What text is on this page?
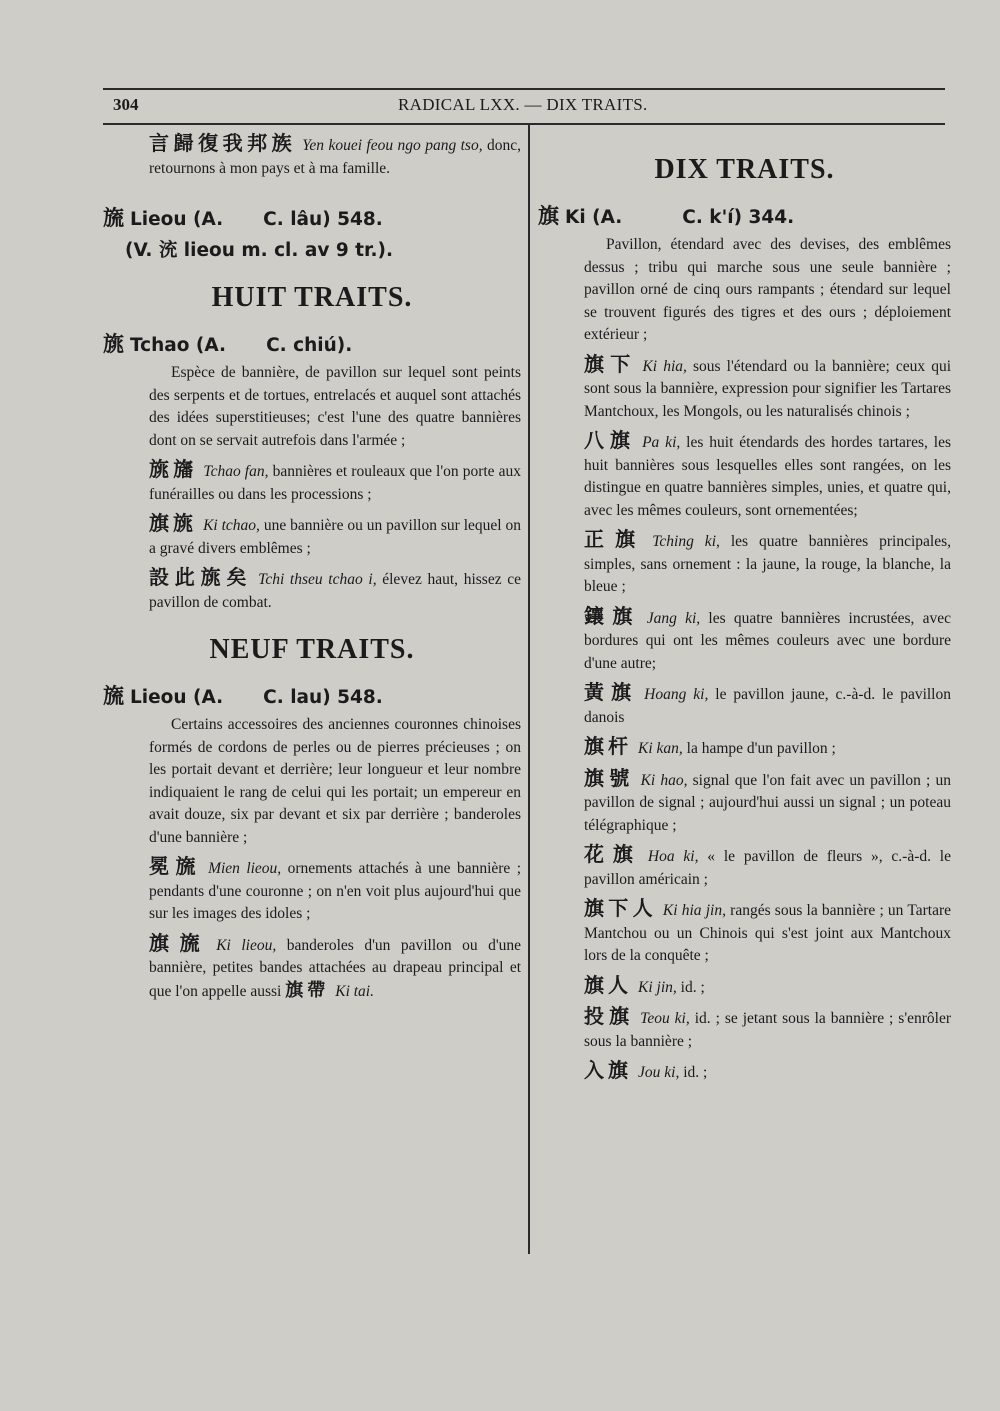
304	RADICAL LXX. — DIX TRAITS.

言歸復我邦族 Yen kouei feou ngo pang tso, donc, retournons à mon pays et à ma famille.

旒 Lieou (A. C. lâu) 548.
(V. 㳘 lieou m. cl. av 9 tr.).
HUIT TRAITS.
旐 Tchao (A. C. chiú).

Espèce de bannière, de pavillon sur lequel sont peints des serpents et de tortues, entrelacés et auquel sont attachés des idées superstitieuses; c'est l'une des quatre bannières dont on se servait autrefois dans l'armée ;

旐旛 Tchao fan, bannières et rouleaux que l'on porte aux funérailles ou dans les processions ;

旗旐 Ki tchao, une bannière ou un pavillon sur lequel on a gravé divers emblêmes ;

設此旐矣 Tchi thseu tchao i, élevez haut, hissez ce pavillon de combat.

NEUF TRAITS.
旒 Lieou (A. C. lau) 548.

Certains accessoires des anciennes couronnes chinoises formés de cordons de perles ou de pierres précieuses ; on les portait devant et derrière; leur longueur et leur nombre indiquaient le rang de celui qui les portait; un empereur en avait douze, six par devant et six par derrière ; banderoles d'une bannière ;

冕旒 Mien lieou, ornements attachés à une bannière ; pendants d'une couronne ; on n'en voit plus aujourd'hui que sur les images des idoles ;

旗旒 Ki lieou, banderoles d'un pavillon ou d'une bannière, petites bandes attachées au drapeau principal et que l'on appelle aussi 旗帶 Ki tai.

DIX TRAITS.
旗 Ki (A.	C. k'í) 344.

Pavillon, étendard avec des devises, des emblêmes dessus ; tribu qui marche sous une seule bannière ; pavillon orné de cinq ours rampants ; étendard sur lequel se trouvent figurés des tigres et des ours ; déploiement extérieur ;

旗下 Ki hia, sous l'étendard ou la bannière; ceux qui sont sous la bannière, expression pour signifier les Tartares Mantchoux, les Mongols, ou les naturalisés chinois ;

八旗 Pa ki, les huit étendards des hordes tartares, les huit bannières sous lesquelles elles sont rangées, on les distingue en quatre bannières simples, unies, et quatre qui, avec les mêmes couleurs, sont ornementées;

正旗 Tching ki, les quatre bannières principales, simples, sans ornement : la jaune, la rouge, la blanche, la bleue ;

鑲旗 Jang ki, les quatre bannières incrustées, avec bordures qui ont les mêmes couleurs avec une bordure d'une autre;

黃旗 Hoang ki, le pavillon jaune, c.-à-d. le pavillon danois

旗杆 Ki kan, la hampe d'un pavillon ;

旗號 Ki hao, signal que l'on fait avec un pavillon ; un pavillon de signal ; aujourd'hui aussi un signal ; un poteau télégraphique ;

花旗 Hoa ki, « le pavillon de fleurs », c.-à-d. le pavillon américain ;

旗下人 Ki hia jin, rangés sous la bannière ; un Tartare Mantchou ou un Chinois qui s'est joint aux Mantchoux lors de la conquête ;

旗人 Ki jin, id. ;

投旗 Teou ki, id. ; se jetant sous la bannière ; s'enrôler sous la bannière ;

入旗 Jou ki, id. ;
